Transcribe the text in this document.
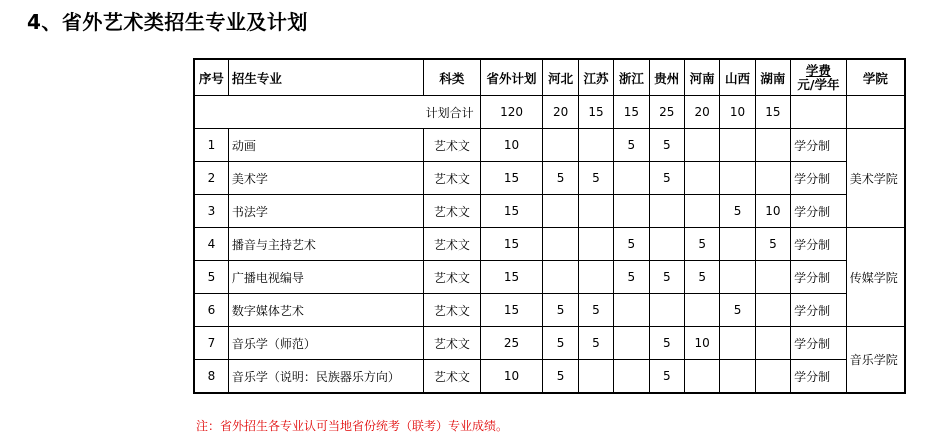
4、省外艺术类招生专业及计划
序号	招生专业	科类	省外计划	河北	江苏	浙江	贵州	河南	山西	湖南	学费
元/学年	学院
计划合计			120	20	15	15	25	20	10	15		
1	动画	艺术文	10			5	5				学分制	美术学院
2	美术学	艺术文	15	5	5		5				学分制	
3	书法学	艺术文	15						5	10	学分制	
4	播音与主持艺术	艺术文	15			5		5		5	学分制	传媒学院
5	广播电视编导	艺术文	15			5	5	5			学分制	
6	数字媒体艺术	艺术文	15	5	5				5		学分制	
7	音乐学（师范）	艺术文	25	5	5		5	10			学分制	音乐学院
8	音乐学（说明：民族器乐方向）	艺术文	10	5			5				学分制	
注：省外招生各专业认可当地省份统考（联考）专业成绩。
